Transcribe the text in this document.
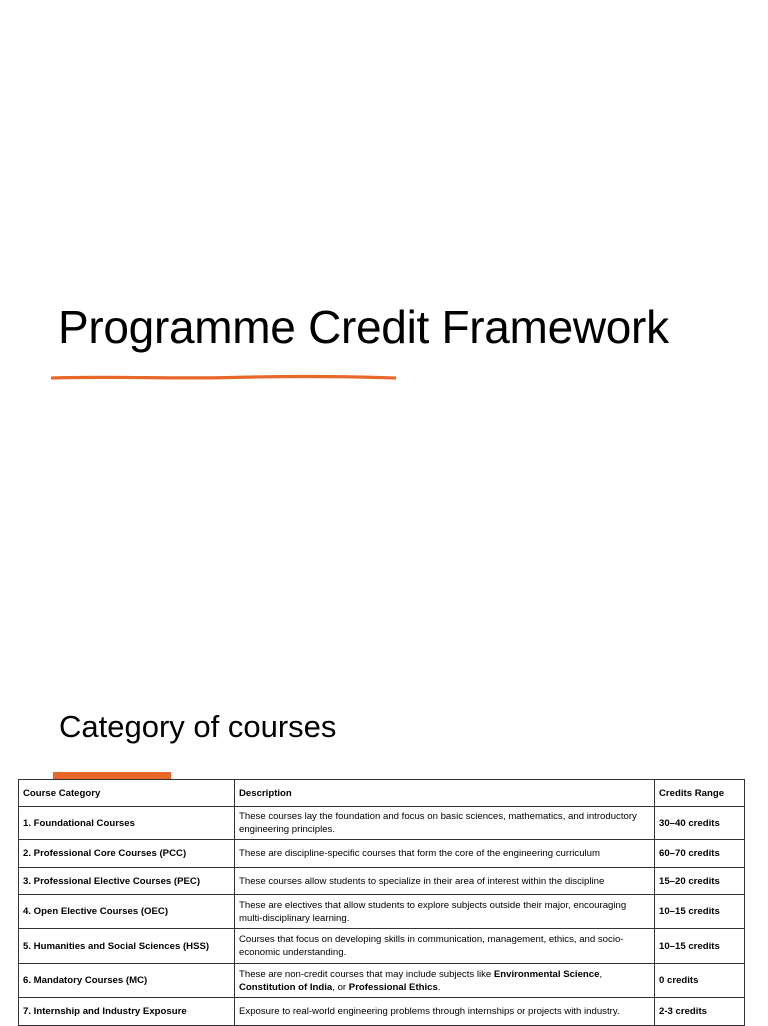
Programme Credit Framework
Category of courses
Course Category	Description	Credits Range
1. Foundational Courses	These courses lay the foundation and focus on basic sciences, mathematics, and introductory engineering principles.	30–40 credits
2. Professional Core Courses (PCC)	These are discipline-specific courses that form the core of the engineering curriculum	60–70 credits
3. Professional Elective Courses (PEC)	These courses allow students to specialize in their area of interest within the discipline	15–20 credits
4. Open Elective Courses (OEC)	These are electives that allow students to explore subjects outside their major, encouraging multi-disciplinary learning.	10–15 credits
5. Humanities and Social Sciences (HSS)	Courses that focus on developing skills in communication, management, ethics, and socio-economic understanding.	10–15 credits
6. Mandatory Courses (MC)	These are non-credit courses that may include subjects like Environmental Science, Constitution of India, or Professional Ethics.	0 credits
7. Internship and Industry Exposure	Exposure to real-world engineering problems through internships or projects with industry.	2-3 credits
